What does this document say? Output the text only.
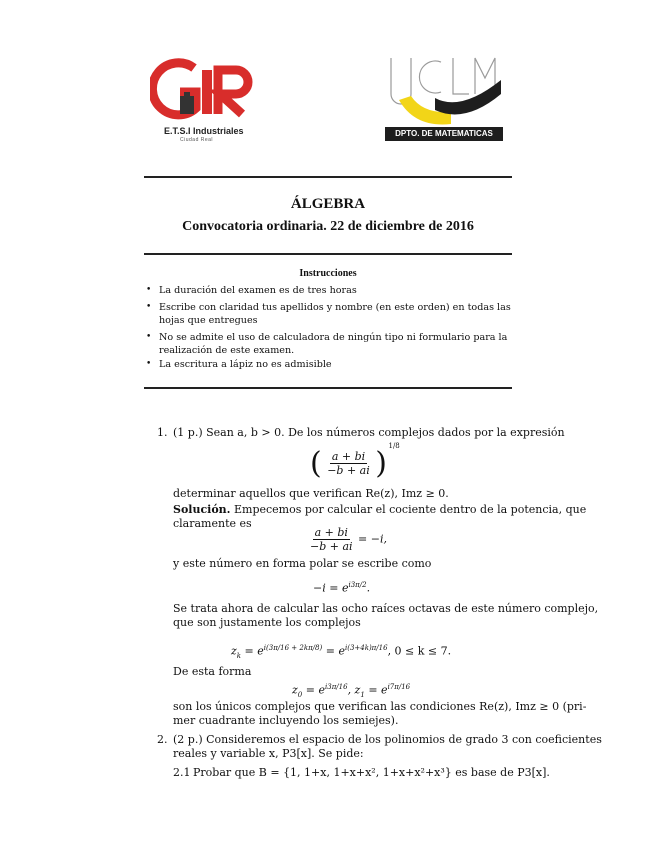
E.T.S.I Industriales
Ciudad Real
DPTO. DE MATEMATICAS
ÁLGEBRA
Convocatoria ordinaria. 22 de diciembre de 2016
Instrucciones
• La duración del examen es de tres horas
• Escribe con claridad tus apellidos y nombre (en este orden) en todas las hojas que entregues
• No se admite el uso de calculadora de ningún tipo ni formulario para la realización de este examen.
• La escritura a lápiz no es admisible
1. (1 p.) Sean a, b > 0. De los números complejos dados por la expresión
( $\frac{a + bi}{-b + ai}$ ) $^{1/8}$
determinar aquellos que verifican Re(z), Imz ≥ 0.
Solución. Empecemos por calcular el cociente dentro de la potencia, que
claramente es
$\frac{a + bi}{-b + ai} = -i$,
y este número en forma polar se escribe como
$-i = e^{i3\pi/2}$.
Se trata ahora de calcular las ocho raíces octavas de este número complejo,
que son justamente los complejos
$z_k = e^{i(3\pi/16 + 2k\pi/8)} = e^{i(3+4k)\pi/16}$, 0 ≤ k ≤ 7.
De esta forma
$z_0 = e^{i3\pi/16}$, $z_1 = e^{i7\pi/16}$
son los únicos complejos que verifican las condiciones Re(z), Imz ≥ 0 (pri-
mer cuadrante incluyendo los semiejes).
2. (2 p.) Consideremos el espacio de los polinomios de grado 3 con coeficientes
reales y variable x, P3[x]. Se pide:
2.1 Probar que B = {1, 1+x, 1+x+x², 1+x+x²+x³} es base de P3[x].
